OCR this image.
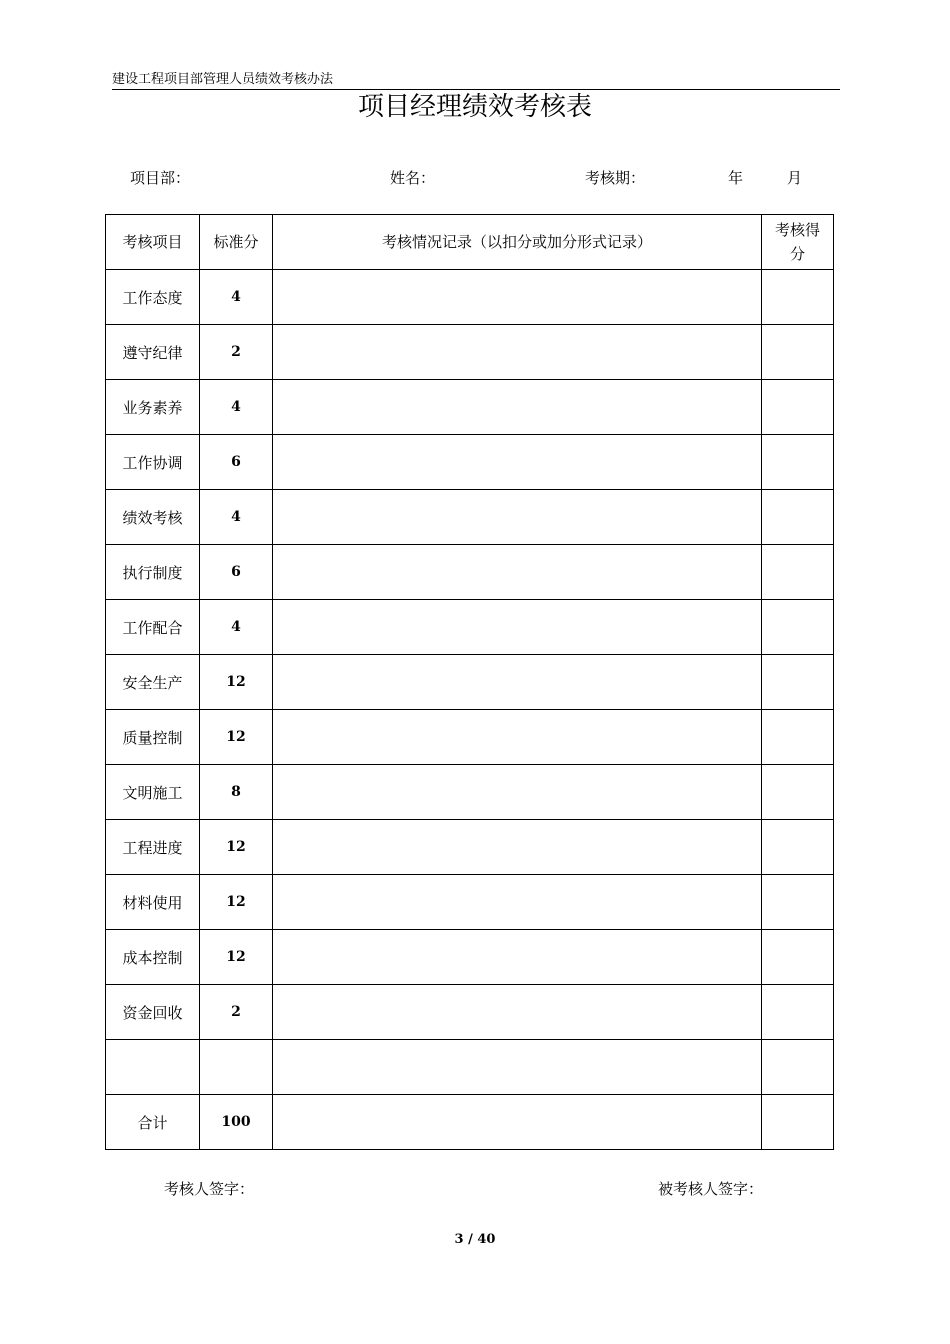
建设工程项目部管理人员绩效考核办法
项目经理绩效考核表
项目部：	姓名：	考核期：	年	月
考核项目	标准分	考核情况记录（以扣分或加分形式记录）	考核得分
工作态度	4		
遵守纪律	2		
业务素养	4		
工作协调	6		
绩效考核	4		
执行制度	6		
工作配合	4		
安全生产	12		
质量控制	12		
文明施工	8		
工程进度	12		
材料使用	12		
成本控制	12		
资金回收	2		

合计	100		
考核人签字：	被考核人签字：
3 / 40
